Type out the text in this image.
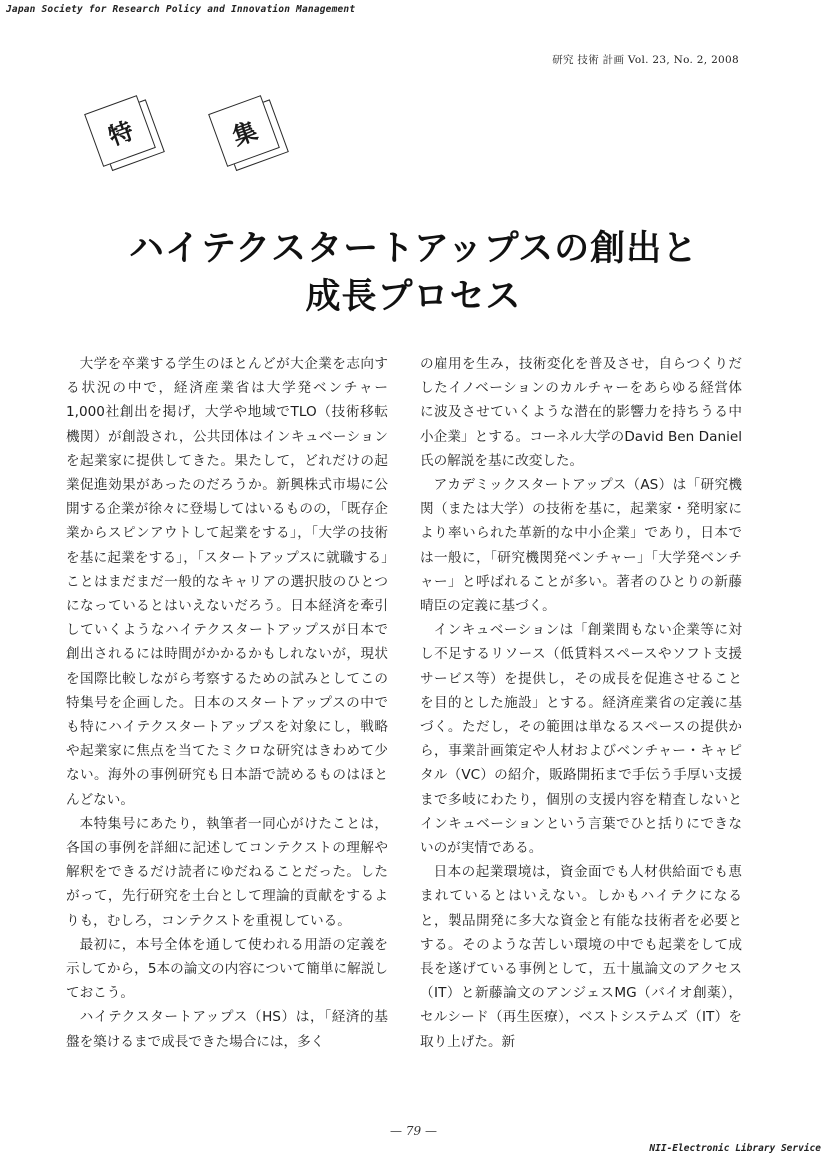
Japan Society for Research Policy and Innovation Management
研究 技術 計画 Vol. 23, No. 2, 2008
特	集
ハイテクスタートアップスの創出と
成長プロセス

大学を卒業する学生のほとんどが大企業を志向する状況の中で，経済産業省は大学発ベンチャー1,000社創出を掲げ，大学や地域でTLO（技術移転機関）が創設され，公共団体はインキュベーションを起業家に提供してきた。果たして，どれだけの起業促進効果があったのだろうか。新興株式市場に公開する企業が徐々に登場してはいるものの，「既存企業からスピンアウトして起業をする」，「大学の技術を基に起業をする」，「スタートアップスに就職する」ことはまだまだ一般的なキャリアの選択肢のひとつになっているとはいえないだろう。日本経済を牽引していくようなハイテクスタートアップスが日本で創出されるには時間がかかるかもしれないが，現状を国際比較しながら考察するための試みとしてこの特集号を企画した。日本のスタートアップスの中でも特にハイテクスタートアップスを対象にし，戦略や起業家に焦点を当てたミクロな研究はきわめて少ない。海外の事例研究も日本語で読めるものはほとんどない。

本特集号にあたり，執筆者一同心がけたことは，各国の事例を詳細に記述してコンテクストの理解や解釈をできるだけ読者にゆだねることだった。したがって，先行研究を土台として理論的貢献をするよりも，むしろ，コンテクストを重視している。

最初に，本号全体を通して使われる用語の定義を示してから，5本の論文の内容について簡単に解説しておこう。

ハイテクスタートアップス（HS）は，「経済的基盤を築けるまで成長できた場合には，多く

の雇用を生み，技術変化を普及させ，自らつくりだしたイノベーションのカルチャーをあらゆる経営体に波及させていくような潜在的影響力を持ちうる中小企業」とする。コーネル大学のDavid Ben Daniel氏の解説を基に改変した。

アカデミックスタートアップス（AS）は「研究機関（または大学）の技術を基に，起業家・発明家により率いられた革新的な中小企業」であり，日本では一般に，「研究機関発ベンチャー」「大学発ベンチャー」と呼ばれることが多い。著者のひとりの新藤晴臣の定義に基づく。

インキュベーションは「創業間もない企業等に対し不足するリソース（低賃料スペースやソフト支援サービス等）を提供し，その成長を促進させることを目的とした施設」とする。経済産業省の定義に基づく。ただし，その範囲は単なるスペースの提供から，事業計画策定や人材およびベンチャー・キャピタル（VC）の紹介，販路開拓まで手伝う手厚い支援まで多岐にわたり，個別の支援内容を精査しないとインキュベーションという言葉でひと括りにできないのが実情である。

日本の起業環境は，資金面でも人材供給面でも恵まれているとはいえない。しかもハイテクになると，製品開発に多大な資金と有能な技術者を必要とする。そのような苦しい環境の中でも起業をして成長を遂げている事例として，五十嵐論文のアクセス（IT）と新藤論文のアンジェスMG（バイオ創薬），セルシード（再生医療），ベストシステムズ（IT）を取り上げた。新

— 79 —
NII-Electronic Library Service
